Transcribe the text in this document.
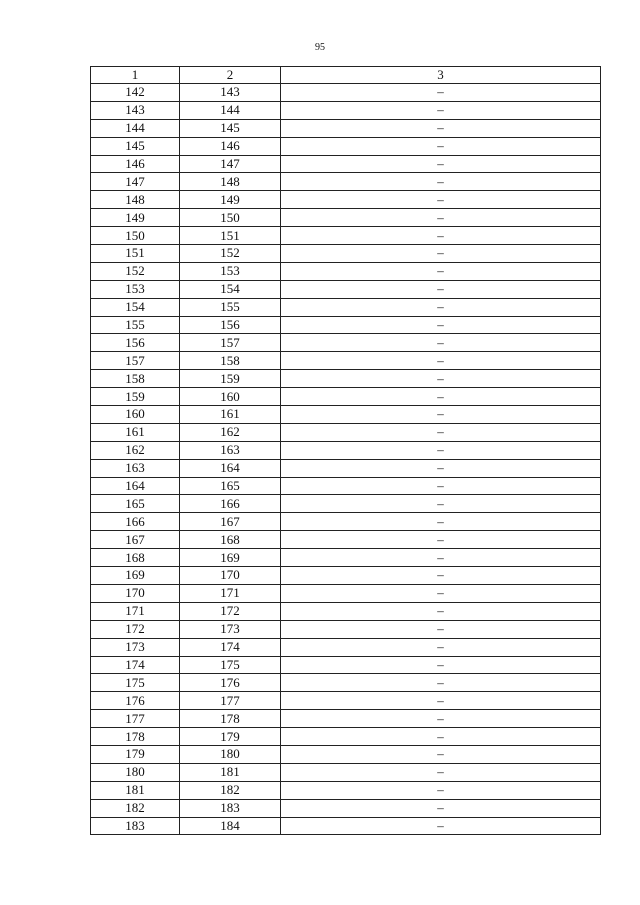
95
1	2	3
142	143	–
143	144	–
144	145	–
145	146	–
146	147	–
147	148	–
148	149	–
149	150	–
150	151	–
151	152	–
152	153	–
153	154	–
154	155	–
155	156	–
156	157	–
157	158	–
158	159	–
159	160	–
160	161	–
161	162	–
162	163	–
163	164	–
164	165	–
165	166	–
166	167	–
167	168	–
168	169	–
169	170	–
170	171	–
171	172	–
172	173	–
173	174	–
174	175	–
175	176	–
176	177	–
177	178	–
178	179	–
179	180	–
180	181	–
181	182	–
182	183	–
183	184	–
